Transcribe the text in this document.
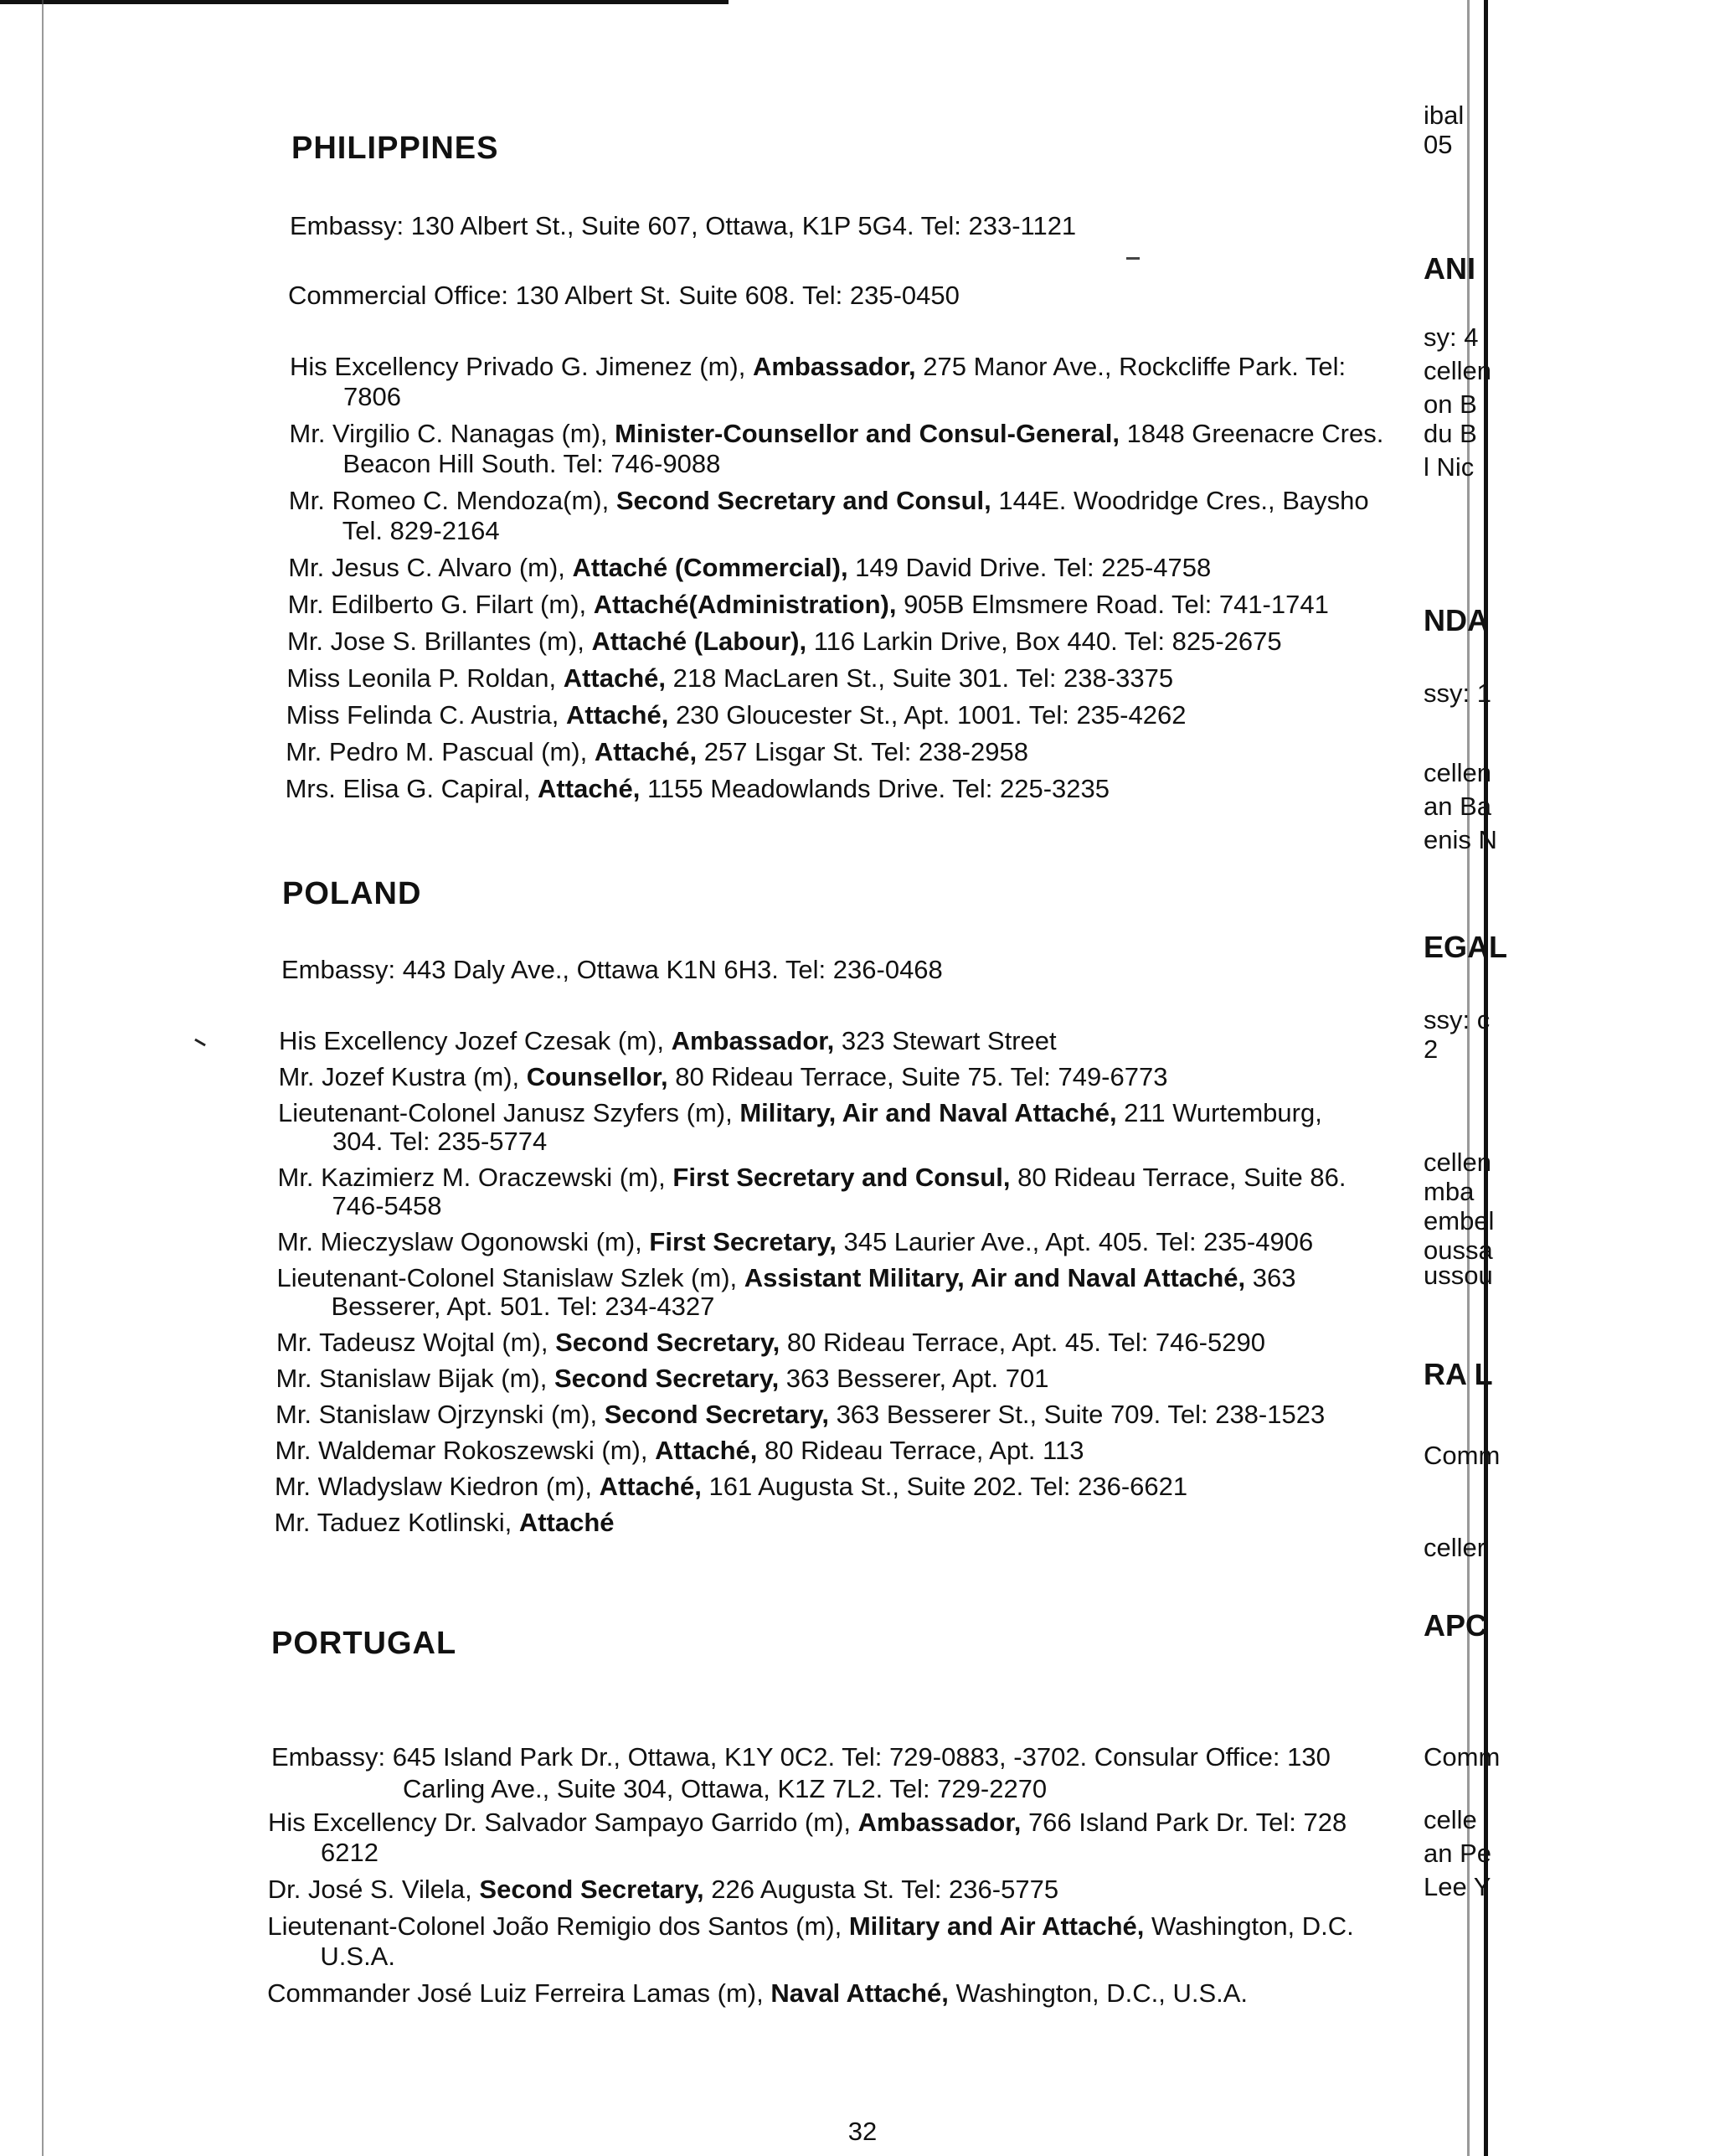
PHILIPPINES
Embassy: 130 Albert St., Suite 607, Ottawa, K1P 5G4. Tel: 233-1121
Commercial Office: 130 Albert St. Suite 608. Tel: 235-0450
His Excellency Privado G. Jimenez (m), Ambassador, 275 Manor Ave., Rockcliffe Park. Tel:
7806
Mr. Virgilio C. Nanagas (m), Minister-Counsellor and Consul-General, 1848 Greenacre Cres.
Beacon Hill South. Tel: 746-9088
Mr. Romeo C. Mendoza(m), Second Secretary and Consul, 144E. Woodridge Cres., Baysho
Tel. 829-2164
Mr. Jesus C. Alvaro (m), Attaché (Commercial), 149 David Drive. Tel: 225-4758
Mr. Edilberto G. Filart (m), Attaché(Administration), 905B Elmsmere Road. Tel: 741-1741
Mr. Jose S. Brillantes (m), Attaché (Labour), 116 Larkin Drive, Box 440. Tel: 825-2675
Miss Leonila P. Roldan, Attaché, 218 MacLaren St., Suite 301. Tel: 238-3375
Miss Felinda C. Austria, Attaché, 230 Gloucester St., Apt. 1001. Tel: 235-4262
Mr. Pedro M. Pascual (m), Attaché, 257 Lisgar St. Tel: 238-2958
Mrs. Elisa G. Capiral, Attaché, 1155 Meadowlands Drive. Tel: 225-3235
POLAND
Embassy: 443 Daly Ave., Ottawa K1N 6H3. Tel: 236-0468
His Excellency Jozef Czesak (m), Ambassador, 323 Stewart Street
Mr. Jozef Kustra (m), Counsellor, 80 Rideau Terrace, Suite 75. Tel: 749-6773
Lieutenant-Colonel Janusz Szyfers (m), Military, Air and Naval Attaché, 211 Wurtemburg,
304. Tel: 235-5774
Mr. Kazimierz M. Oraczewski (m), First Secretary and Consul, 80 Rideau Terrace, Suite 86.
746-5458
Mr. Mieczyslaw Ogonowski (m), First Secretary, 345 Laurier Ave., Apt. 405. Tel: 235-4906
Lieutenant-Colonel Stanislaw Szlek (m), Assistant Military, Air and Naval Attaché, 363
Besserer, Apt. 501. Tel: 234-4327
Mr. Tadeusz Wojtal (m), Second Secretary, 80 Rideau Terrace, Apt. 45. Tel: 746-5290
Mr. Stanislaw Bijak (m), Second Secretary, 363 Besserer, Apt. 701
Mr. Stanislaw Ojrzynski (m), Second Secretary, 363 Besserer St., Suite 709. Tel: 238-1523
Mr. Waldemar Rokoszewski (m), Attaché, 80 Rideau Terrace, Apt. 113
Mr. Wladyslaw Kiedron (m), Attaché, 161 Augusta St., Suite 202. Tel: 236-6621
Mr. Taduez Kotlinski, Attaché
PORTUGAL
Embassy: 645 Island Park Dr., Ottawa, K1Y 0C2. Tel: 729-0883, -3702. Consular Office: 130
Carling Ave., Suite 304, Ottawa, K1Z 7L2. Tel: 729-2270
His Excellency Dr. Salvador Sampayo Garrido (m), Ambassador, 766 Island Park Dr. Tel: 728
6212
Dr. José S. Vilela, Second Secretary, 226 Augusta St. Tel: 236-5775
Lieutenant-Colonel João Remigio dos Santos (m), Military and Air Attaché, Washington, D.C.
U.S.A.
Commander José Luiz Ferreira Lamas (m), Naval Attaché, Washington, D.C., U.S.A.
ibal
05
ANI
sy: 4
cellen
on B
du B
l Nic
NDA
ssy: 1
cellen
an Ba
enis N
EGAL
ssy: c
2
cellen
mba
embel
oussa
ussou
RA L
Comm
celler
APC
Comm
celle
an Pe
Lee Y
32
